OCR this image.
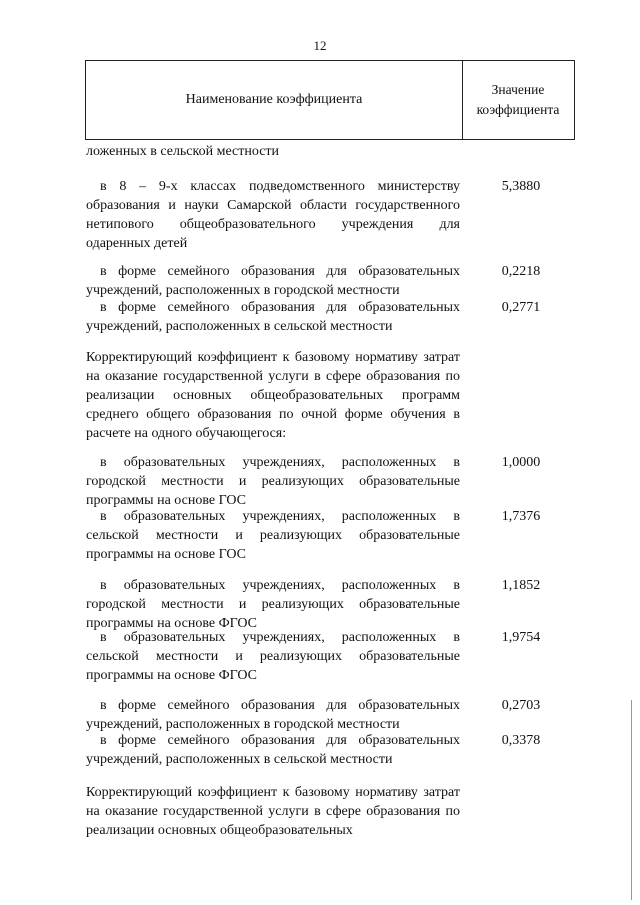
12
Наименование коэффициента
Значение
коэффициента
ложенных в сельской местности
в 8 – 9-х классах подведомственного министерству образования и науки Самарской области государственного нетипового общеобразовательного учреждения для одаренных детей
5,3880
в форме семейного образования для образовательных учреждений, расположенных в городской местности
0,2218
в форме семейного образования для образовательных учреждений, расположенных в сельской местности
0,2771
Корректирующий коэффициент к базовому нормативу затрат на оказание государственной услуги в сфере образования по реализации основных общеобразовательных программ среднего общего образования по очной форме обучения в расчете на одного обучающегося:
в образовательных учреждениях, расположенных в городской местности и реализующих образовательные программы на основе ГОС
1,0000
в образовательных учреждениях, расположенных в сельской местности и реализующих образовательные программы на основе ГОС
1,7376
в образовательных учреждениях, расположенных в городской местности и реализующих образовательные программы на основе ФГОС
1,1852
в образовательных учреждениях, расположенных в сельской местности и реализующих образовательные программы на основе ФГОС
1,9754
в форме семейного образования для образовательных учреждений, расположенных в городской местности
0,2703
в форме семейного образования для образовательных учреждений, расположенных в сельской местности
0,3378
Корректирующий коэффициент к базовому нормативу затрат на оказание государственной услуги в сфере образования по реализации основных общеобразовательных
